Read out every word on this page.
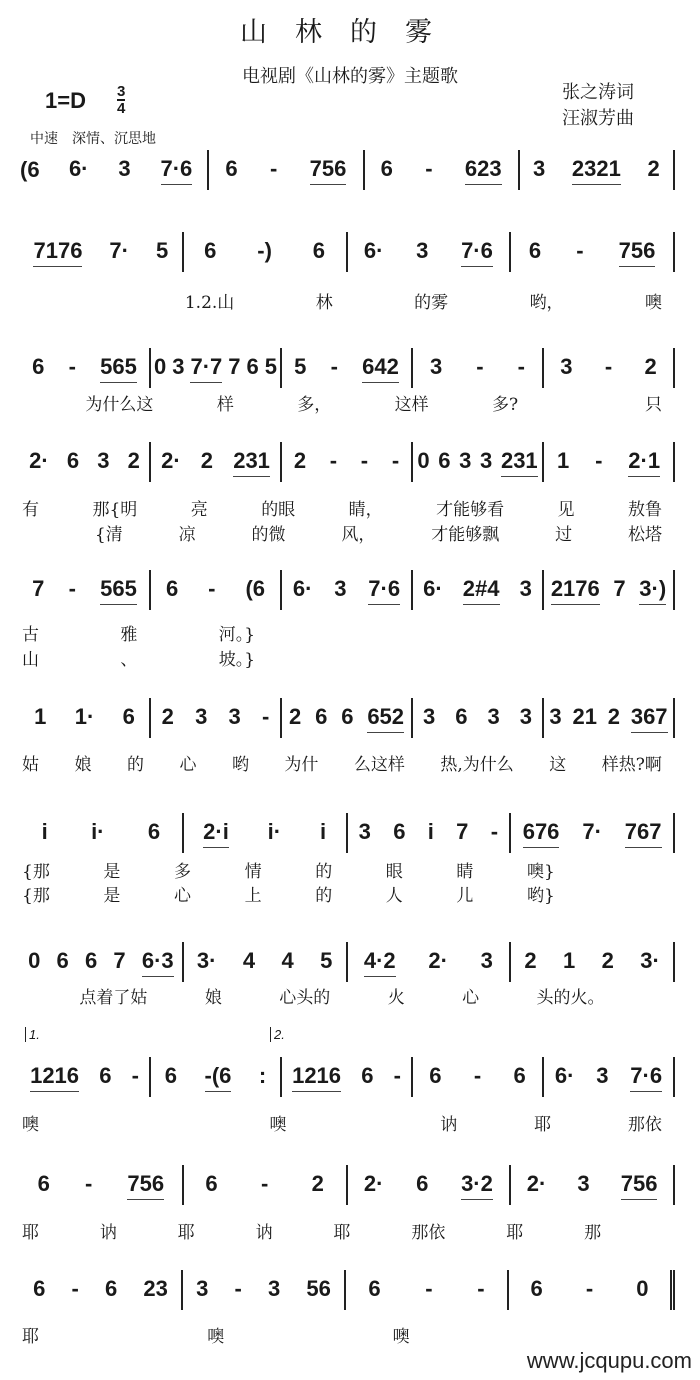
山林的雾
电视剧《山林的雾》主题歌
张之涛词
汪淑芳曲
1=D 3
4
中速　深情、沉思地
(6	6· 3 7·6 6 - 756 6 - 623 3 2321 2
7176 7· 5 6 -) 6 6· 3 7·6 6 - 756
6 - 565 0 3 7·7 7 6 5 5 - 642 3 - - 3 - 2
2· 6 3 2 2· 2 231 2 - - - 0 6 3 3 231 1 - 2·1
7 - 565 6 - (6 6· 3 7·6 6· 2#4 3 2176 7 3·)
1 1· 6 2 3 3 - 2 6 6 652 3 6 3 3 3 21 2 367
i i· 6 2·i i· i 3 6 i 7 - 676 7· 767
0 6 6 7 6·3 3· 4 4 5 4·2 2· 3 2 1 2 3·
1.	2.
1216 6 - 6 -(6 : 1216 6 - 6 - 6 6· 3 7·6
6 - 756 6 - 2 2· 6 3·2 2· 3 756
6 - 6 23 3 - 3 56 6 - - 6 - 0
1.2.山	林	的雾	哟，	噢
为什么这	样	多，	这样	多?	只
有	那{明	亮	的眼	睛，	才能够看	见	敖鲁
　{清	凉	的微	风，	才能够飘	过	松塔
古	雅	河。}
山	、	坡。}
姑 娘 的 心 哟 为什 么这样 热,为什么 这 样热?啊
{那	是	多	情	的	眼	睛	噢}
{那	是	心	上	的	人	儿	哟}
点着了姑	娘	心头的	火	心	头的火。
噢	噢	讷	耶	那依
耶	讷	耶	讷	耶	那依	耶	那
耶	噢	噢
www.jcqupu.com
